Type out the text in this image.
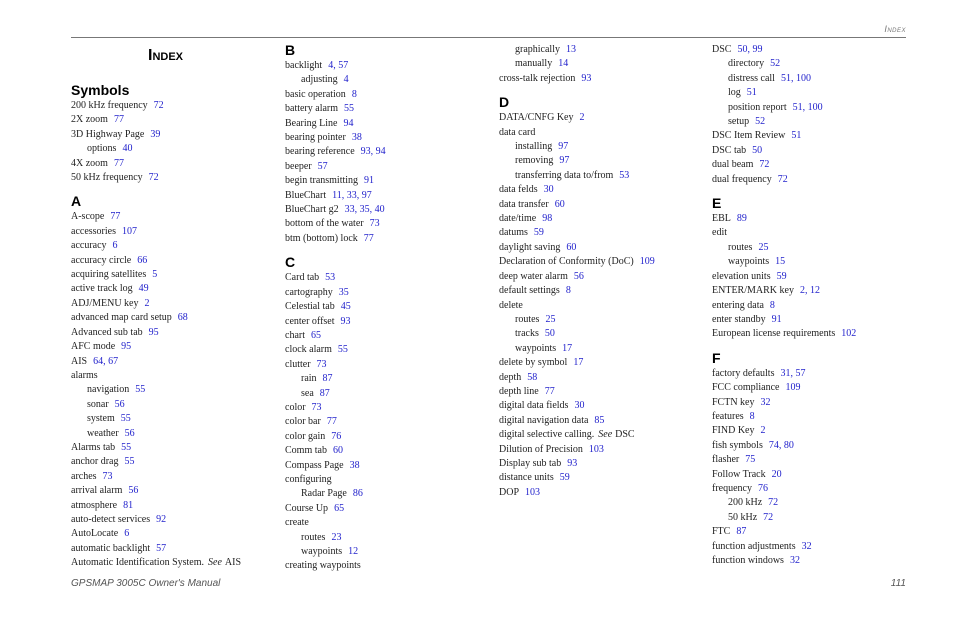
Index
Index
Symbols
200 kHz frequency 72
2X zoom 77
3D Highway Page 39
options 40
4X zoom 77
50 kHz frequency 72
A
A-scope 77
accessories 107
accuracy 6
accuracy circle 66
acquiring satellites 5
active track log 49
ADJ/MENU key 2
advanced map card setup 68
Advanced sub tab 95
AFC mode 95
AIS 64, 67
alarms
navigation 55
sonar 56
system 55
weather 56
Alarms tab 55
anchor drag 55
arches 73
arrival alarm 56
atmosphere 81
auto-detect services 92
AutoLocate 6
automatic backlight 57
Automatic Identification System. See AIS
B
backlight 4, 57
adjusting 4
basic operation 8
battery alarm 55
Bearing Line 94
bearing pointer 38
bearing reference 93, 94
beeper 57
begin transmitting 91
BlueChart 11, 33, 97
BlueChart g2 33, 35, 40
bottom of the water 73
btm (bottom) lock 77
C
Card tab 53
cartography 35
Celestial tab 45
center offset 93
chart 65
clock alarm 55
clutter 73
rain 87
sea 87
color 73
color bar 77
color gain 76
Comm tab 60
Compass Page 38
configuring
Radar Page 86
Course Up 65
create
routes 23
waypoints 12
creating waypoints
graphically 13
manually 14
cross-talk rejection 93
D
DATA/CNFG Key 2
data card
installing 97
removing 97
transferring data to/from 53
data felds 30
data transfer 60
date/time 98
datums 59
daylight saving 60
Declaration of Conformity (DoC) 109
deep water alarm 56
default settings 8
delete
routes 25
tracks 50
waypoints 17
delete by symbol 17
depth 58
depth line 77
digital data fields 30
digital navigation data 85
digital selective calling. See DSC
Dilution of Precision 103
Display sub tab 93
distance units 59
DOP 103
DSC 50, 99
directory 52
distress call 51, 100
log 51
position report 51, 100
setup 52
DSC Item Review 51
DSC tab 50
dual beam 72
dual frequency 72
E
EBL 89
edit
routes 25
waypoints 15
elevation units 59
ENTER/MARK key 2, 12
entering data 8
enter standby 91
European license requirements 102
F
factory defaults 31, 57
FCC compliance 109
FCTN key 32
features 8
FIND Key 2
fish symbols 74, 80
flasher 75
Follow Track 20
frequency 76
200 kHz 72
50 kHz 72
FTC 87
function adjustments 32
function windows 32
GPSMAP 3005C Owner's Manual	111
